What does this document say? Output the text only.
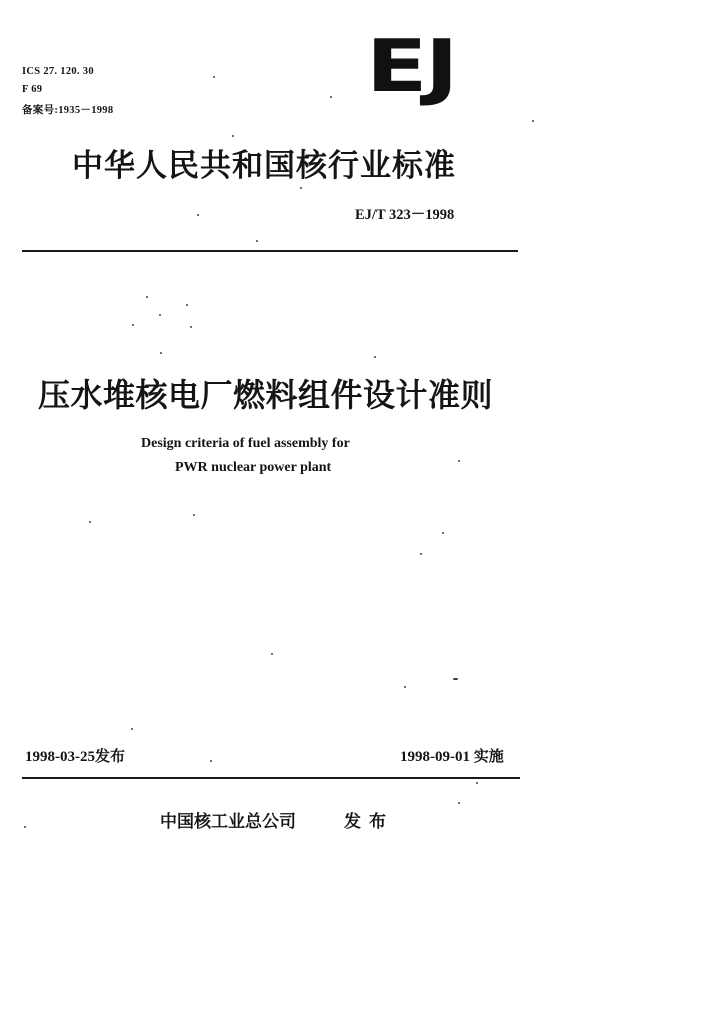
ICS 27. 120. 30
F 69
备案号:1935－1998
EJ
中华人民共和国核行业标准
EJ/T 323－1998
压水堆核电厂燃料组件设计准则
Design criteria of fuel assembly for
PWR nuclear power plant
1998-03-25发布	1998-09-01 实施
中国核工业总公司	发布
